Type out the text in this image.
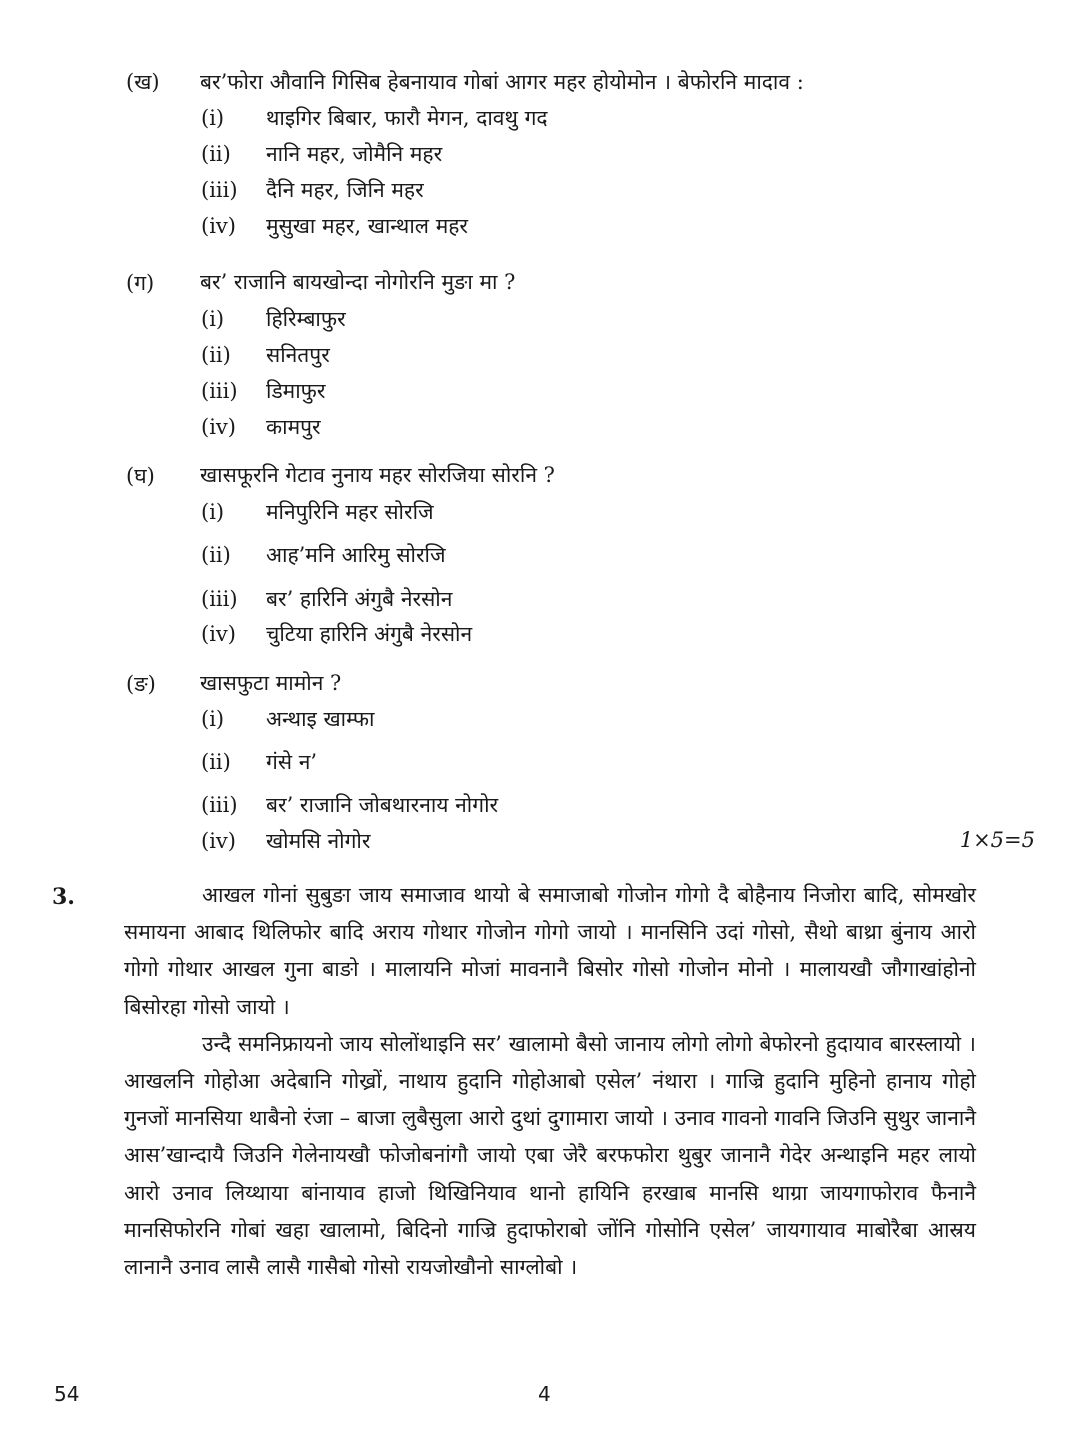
(ख) बर’फोरा औवानि गिसिब हेबनायाव गोबां आगर महर होयोमोन । बेफोरनि मादाव :
(i) थाइगिर बिबार, फारौ मेगन, दावथु गद
(ii) नानि महर, जोमैनि महर
(iii) दैनि महर, जिनि महर
(iv) मुसुखा महर, खान्थाल महर
(ग) बर’ राजानि बायखोन्दा नोगोरनि मुङा मा ?
(i) हिरिम्बाफुर
(ii) सनितपुर
(iii) डिमाफुर
(iv) कामपुर
(घ) खासफूरनि गेटाव नुनाय महर सोरजिया सोरनि ?
(i) मनिपुरिनि महर सोरजि
(ii) आह’मनि आरिमु सोरजि
(iii) बर’ हारिनि अंगुबै नेरसोन
(iv) चुटिया हारिनि अंगुबै नेरसोन
(ङ) खासफुटा मामोन ?
(i) अन्थाइ खाम्फा
(ii) गंसे न’
(iii) बर’ राजानि जोबथारनाय नोगोर
(iv) खोमसि नोगोर	1×5=5
3.	आखल गोनां सुबुङा जाय समाजाव थायो बे समाजाबो गोजोन गोगो दै बोहैनाय निजोरा बादि, सोमखोर समायना आबाद थिलिफोर बादि अराय गोथार गोजोन गोगो जायो । मानसिनि उदां गोसो, सैथो बाथ्रा बुंनाय आरो गोगो गोथार आखल गुना बाङो । मालायनि मोजां मावनानै बिसोर गोसो गोजोन मोनो । मालायखौ जौगाखांहोनो बिसोरहा गोसो जायो ।

उन्दै समनिफ्रायनो जाय सोलोंथाइनि सर’ खालामो बैसो जानाय लोगो लोगो बेफोरनो हुदायाव बारस्लायो । आखलनि गोहोआ अदेबानि गोख्रों, नाथाय हुदानि गोहोआबो एसेल’ नंथारा । गाज्रि हुदानि मुहिनो हानाय गोहो गुनजों मानसिया थाबैनो रंजा – बाजा लुबैसुला आरो दुथां दुगामारा जायो । उनाव गावनो गावनि जिउनि सुथुर जानानै आस’खान्दायै जिउनि गेलेनायखौ फोजोबनांगौ जायो एबा जेरै बरफफोरा थुबुर जानानै गेदेर अन्थाइनि महर लायो आरो उनाव लिय्थाया बांनायाव हाजो थिखिनियाव थानो हायिनि हरखाब मानसि थाग्रा जायगाफोराव फैनानै मानसिफोरनि गोबां खहा खालामो, बिदिनो गाज्रि हुदाफोराबो जोंनि गोसोनि एसेल’ जायगायाव माबोरैबा आस्रय लानानै उनाव लासै लासै गासैबो गोसो रायजोखौनो साग्लोबो ।

54	4
